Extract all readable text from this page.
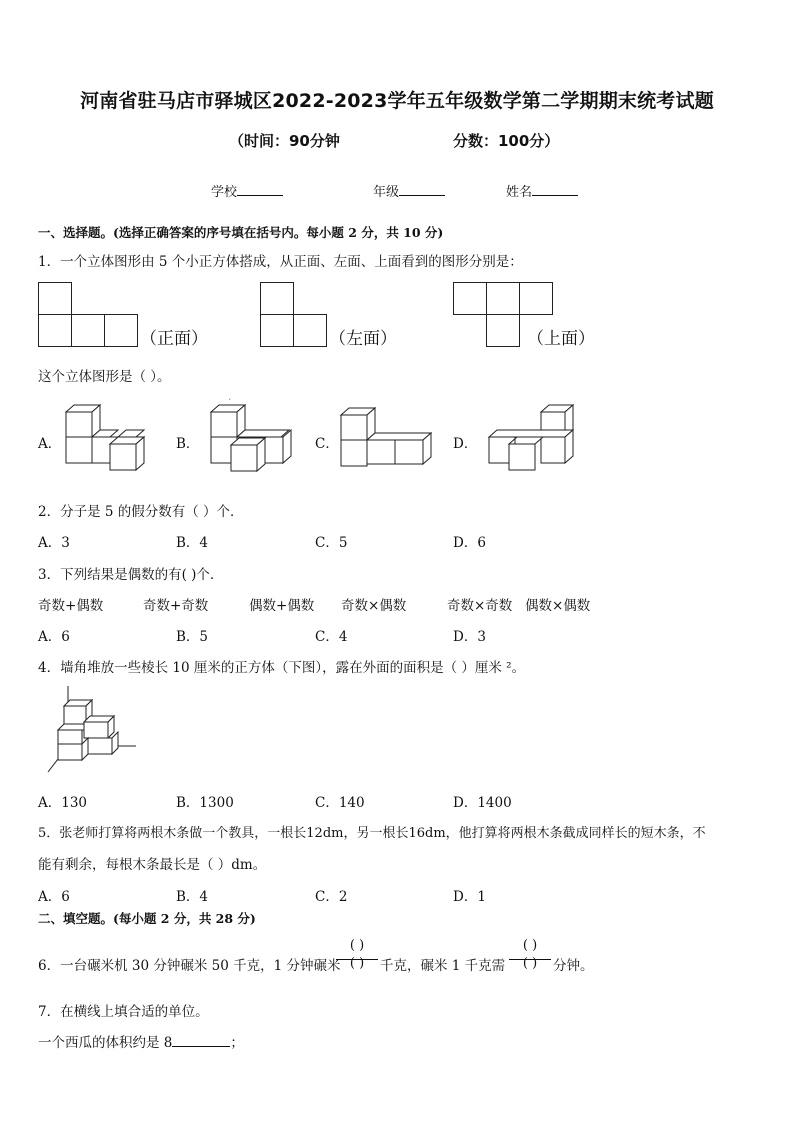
河南省驻马店市驿城区2022-2023学年五年级数学第二学期期末统考试题
（时间：90分钟	分数：100分）
学校	年级	姓名
一、选择题。(选择正确答案的序号填在括号内。每小题 2 分，共 10 分)
1．一个立体图形由 5 个小正方体搭成，从正面、左面、上面看到的图形分别是：
（正面）	（左面）	（上面）
这个立体图形是（ ）。
A．	B．	C．	D．
,
2．分子是 5 的假分数有（ ）个．
A．3	B．4	C．5	D．6
3．下列结果是偶数的有( )个．
奇数+偶数	奇数+奇数	偶数+偶数 奇数×偶数	奇数×奇数 偶数×偶数
A．6	B．5	C．4	D．3
4．墙角堆放一些棱长 10 厘米的正方体（下图），露在外面的面积是（ ）厘米 ²。
A．130	B．1300	C．140	D．1400
5．张老师打算将两根木条做一个教具，一根长12dm，另一根长16dm，他打算将两根木条截成同样长的短木条，不
能有剩余，每根木条最长是（ ）dm。
A．6	B．4	C．2	D．1
二、填空题。(每小题 2 分，共 28 分)
6．一台碾米机 30 分钟碾米 50 千克，1 分钟碾米
( )
( )	千克，碾米 1 千克需
( )
( )	分钟。
7．在横线上填合适的单位。
一个西瓜的体积约是 8	；
